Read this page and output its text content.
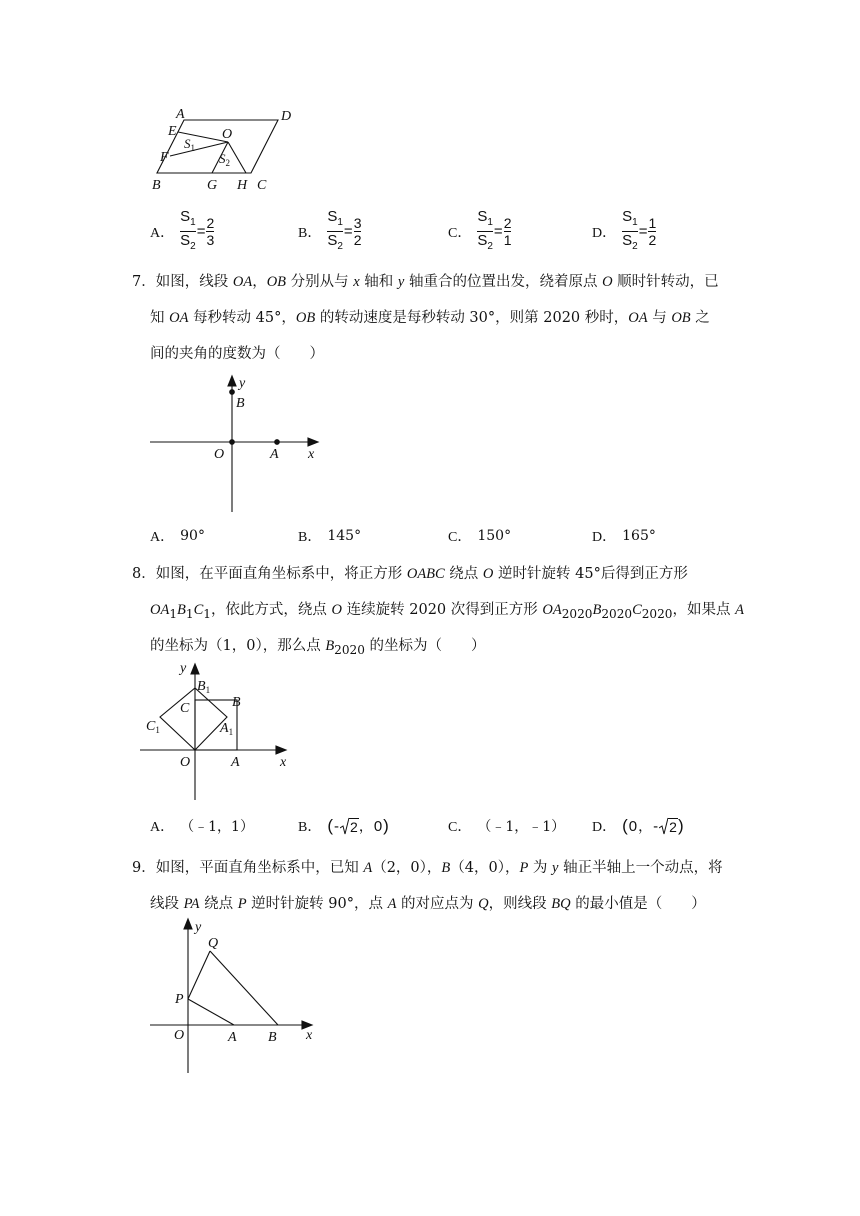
A	D
E	O
$S_1$
F	$S_2$
B	G H C
A． $\frac{S_1}{S_2} = 2$
3	B． $\frac{S_1}{S_2} = 3$
2	C． $\frac{S_1}{S_2} = 2$
1	D． $\frac{S_1}{S_2} = 1$
2
7．如图，线段 OA，OB 分别从与 x 轴和 y 轴重合的位置出发，绕着原点 O 顺时针转动，已
知 OA 每秒转动 45°，OB 的转动速度是每秒转动 30°，则第 2020 秒时，OA 与 OB 之
间的夹角的度数为（　　）
y
B
O	A x
A． 90°	B． 145°	C． 150°	D． 165°
8．如图，在平面直角坐标系中，将正方形 OABC 绕点 O 逆时针旋转 45°后得到正方形
$OA_1B_1C_1$，依此方式，绕点 O 连续旋转 2020 次得到正方形 $OA_{2020}B_{2020}C_{2020}$，如果点 A
的坐标为（1，0），那么点 $B_{2020}$ 的坐标为（　　）
y
$B_1$
B
C
$C_1$	$A_1$
O	A	x
A． （﹣1，1）	B． ( - 2 ， 0 )	C． （﹣1，﹣1） D． ( 0 ， - 2 )
9．如图，平面直角坐标系中，已知 A（2，0），B（4，0），P 为 y 轴正半轴上一个动点，将
线段 PA 绕点 P 逆时针旋转 90°，点 A 的对应点为 Q，则线段 BQ 的最小值是（　　）
y
Q
P
O	A B x
